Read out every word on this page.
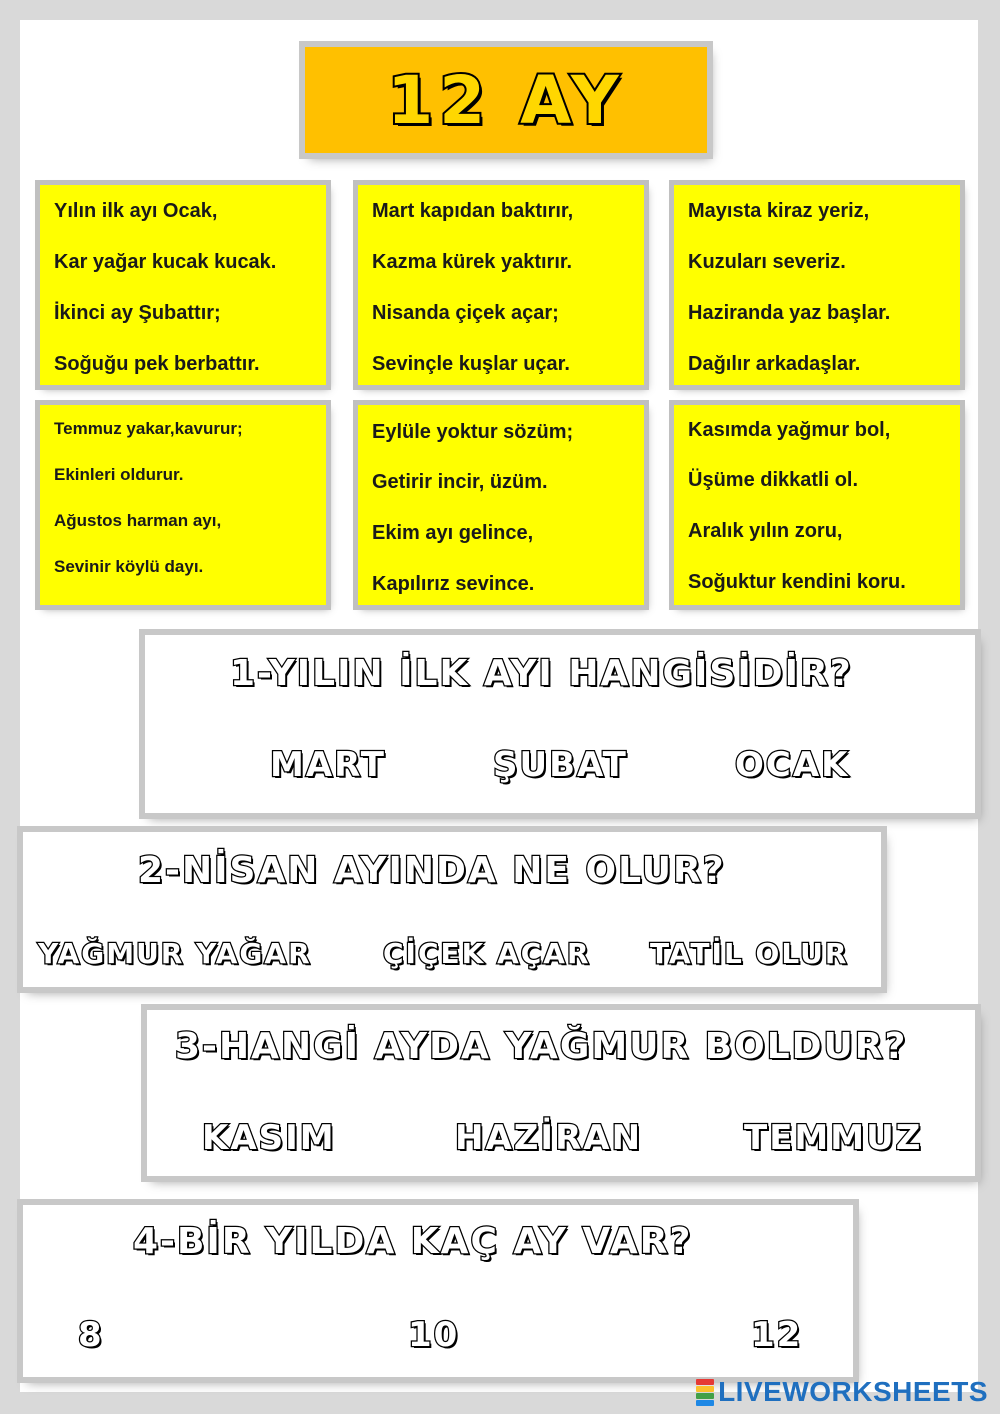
12 AY
Yılın ilk ayı Ocak,
Kar yağar kucak kucak.
İkinci ay Şubattır;
Soğuğu pek berbattır.
Mart kapıdan baktırır,
Kazma kürek yaktırır.
Nisanda çiçek açar;
Sevinçle kuşlar uçar.
Mayısta kiraz yeriz,
Kuzuları severiz.
Haziranda yaz başlar.
Dağılır arkadaşlar.
Temmuz yakar,kavurur;
Ekinleri oldurur.
Ağustos harman ayı,
Sevinir köylü dayı.
Eylüle yoktur sözüm;
Getirir incir, üzüm.
Ekim ayı gelince,
Kapılırız sevince.
Kasımda yağmur bol,
Üşüme dikkatli ol.
Aralık yılın zoru,
Soğuktur kendini koru.
1-YILIN İLK AYI HANGİSİDİR?
MART	ŞUBAT	OCAK
2-NİSAN AYINDA NE OLUR?
YAĞMUR YAĞAR	ÇİÇEK AÇAR TATİL OLUR
3-HANGİ AYDA YAĞMUR BOLDUR?
KASIM	HAZİRAN	TEMMUZ
4-BİR YILDA KAÇ AY VAR?
8	10	12
LIVEWORKSHEETS
